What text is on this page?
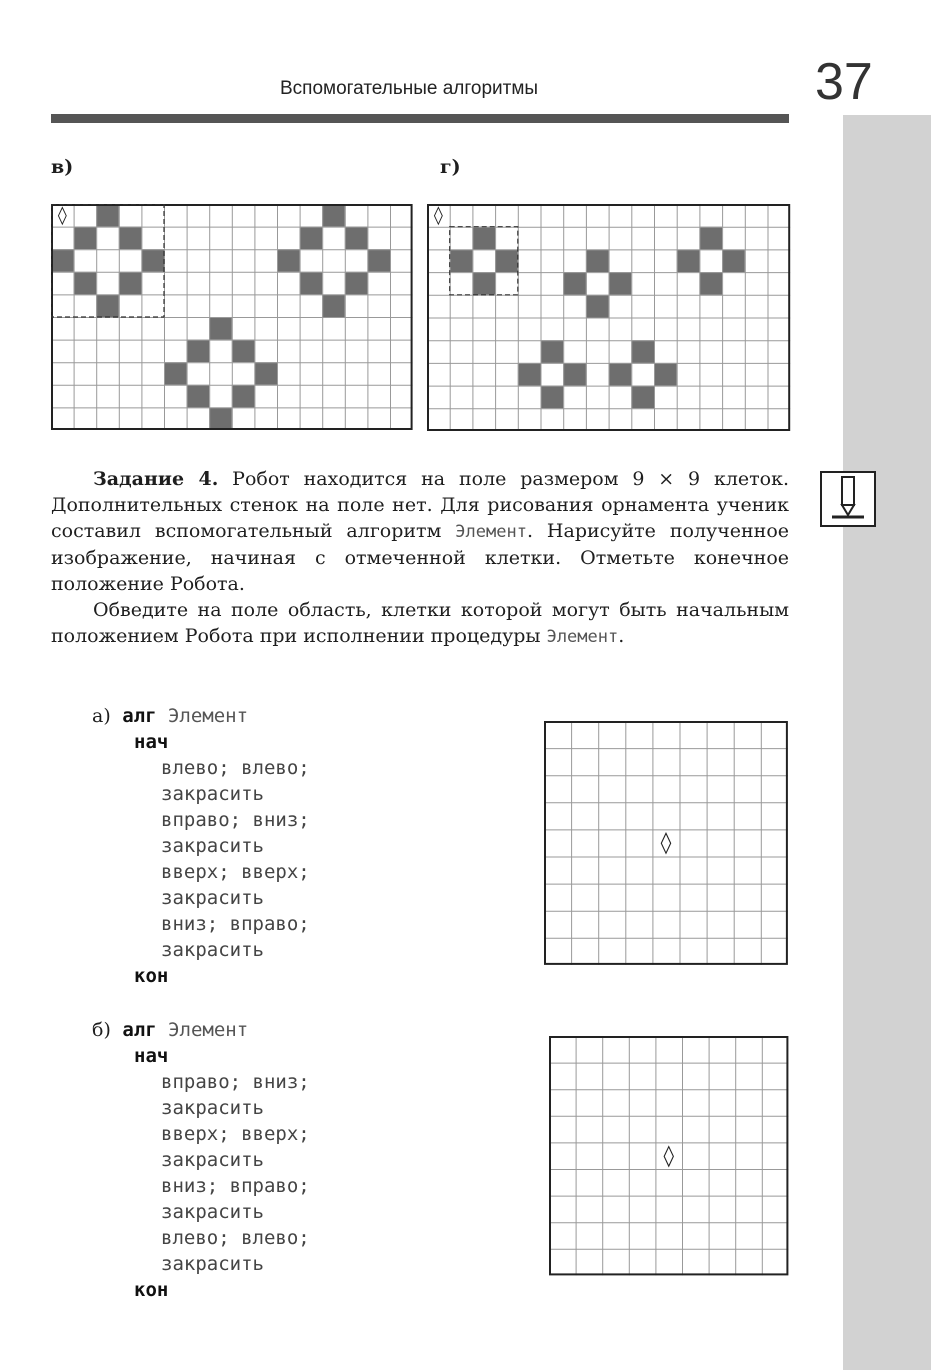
Вспомогательные алгоритмы	37
в)	г)
◊	◊

Задание 4. Робот находится на поле размером 9 × 9 клеток. Дополнительных стенок на поле нет. Для рисования орнамента ученик составил вспомогательный алгоритм Элемент. Нарисуйте полученное изображение, начиная с отмеченной клетки. Отметьте конечное положение Робота.

Обведите на поле область, клетки которой могут быть начальным положением Робота при исполнении процедуры Элемент.

а) алг Элемент
нач
влево; влево;
закрасить
вправо; вниз;
закрасить
вверх; вверх;
закрасить
вниз; вправо;
закрасить
кон
◊
б) алг Элемент
нач
вправо; вниз;
закрасить
вверх; вверх;
закрасить
вниз; вправо;
закрасить
влево; влево;
закрасить
кон
◊
